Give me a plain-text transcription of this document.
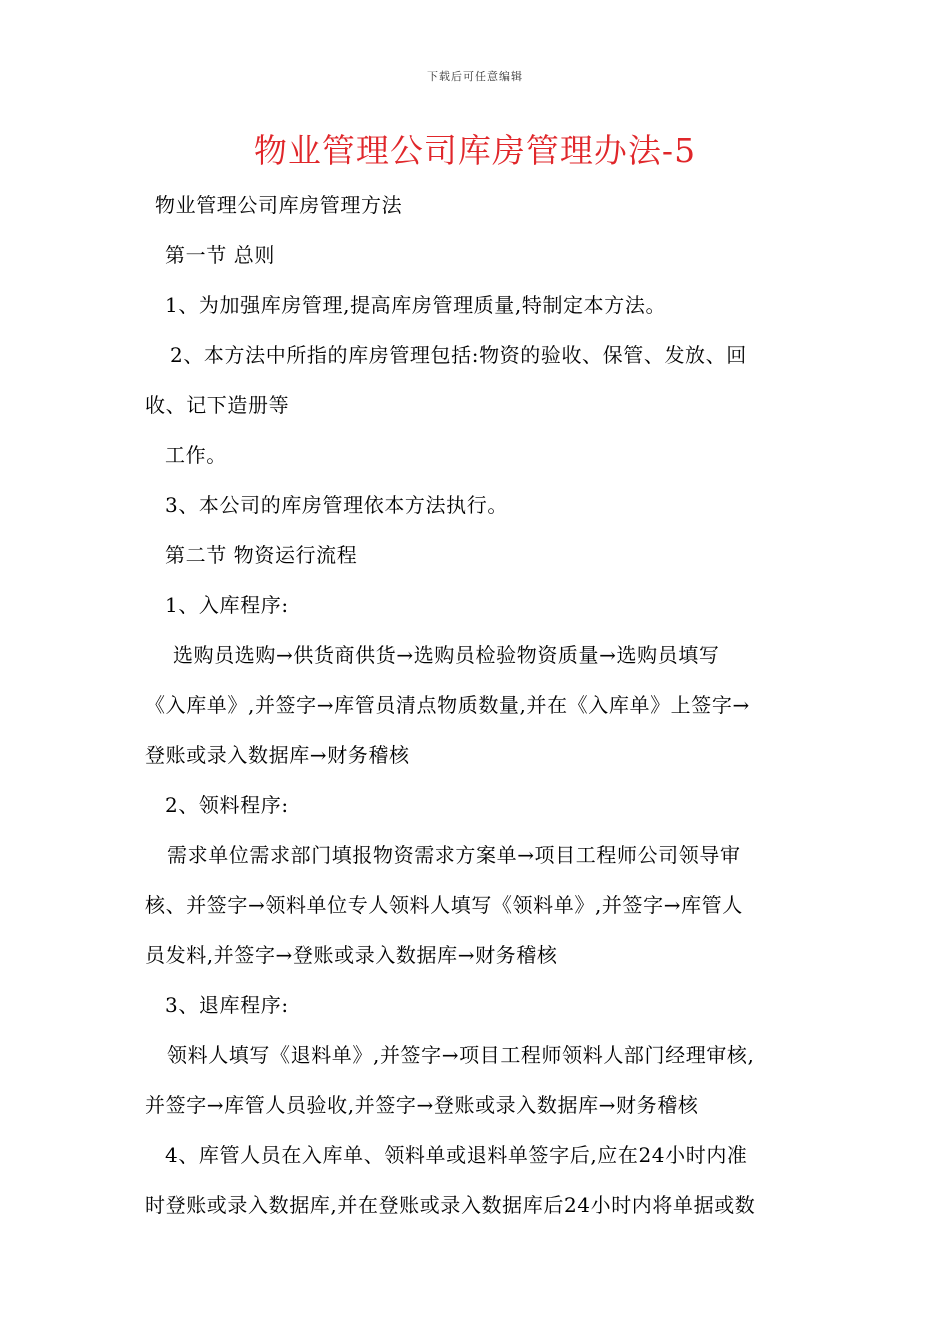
下载后可任意编辑
物业管理公司库房管理办法-5
物业管理公司库房管理方法
第一节 总则
1、为加强库房管理,提高库房管理质量,特制定本方法。
2、本方法中所指的库房管理包括:物资的验收、保管、发放、回
收、记下造册等
工作。
3、本公司的库房管理依本方法执行。
第二节 物资运行流程
1、入库程序:
选购员选购→供货商供货→选购员检验物资质量→选购员填写
《入库单》,并签字→库管员清点物质数量,并在《入库单》上签字→
登账或录入数据库→财务稽核
2、领料程序:
需求单位需求部门填报物资需求方案单→项目工程师公司领导审
核、并签字→领料单位专人领料人填写《领料单》,并签字→库管人
员发料,并签字→登账或录入数据库→财务稽核
3、退库程序:
领料人填写《退料单》,并签字→项目工程师领料人部门经理审核,
并签字→库管人员验收,并签字→登账或录入数据库→财务稽核
4、库管人员在入库单、领料单或退料单签字后,应在24小时内准
时登账或录入数据库,并在登账或录入数据库后24小时内将单据或数
